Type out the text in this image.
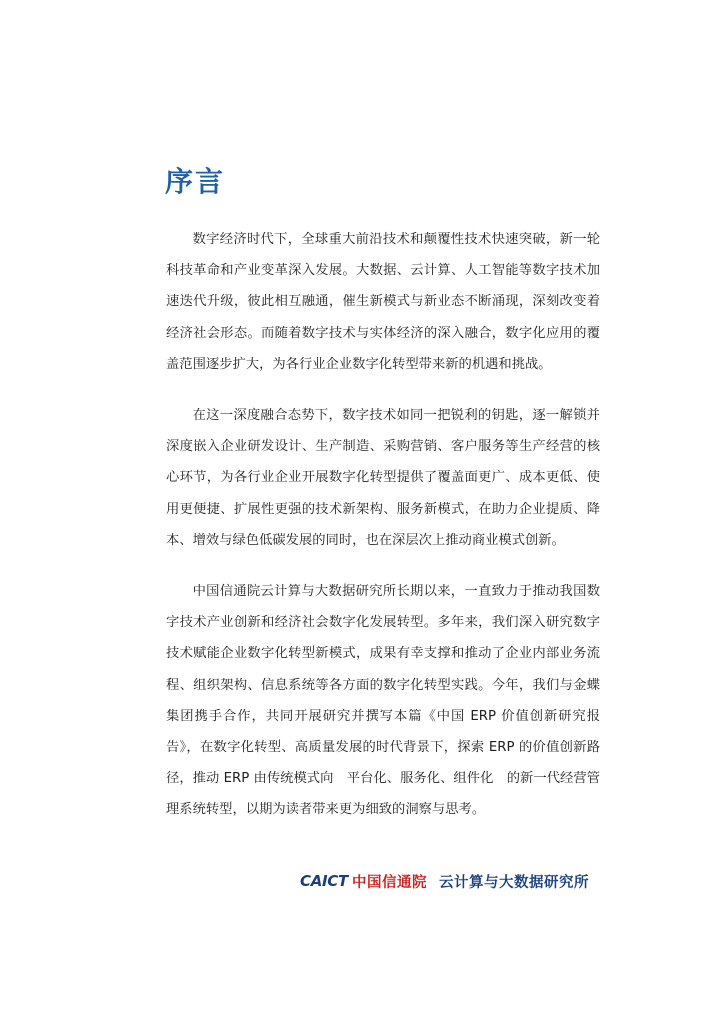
序言

数字经济时代下，全球重大前沿技术和颠覆性技术快速突破，新一轮科技革命和产业变革深入发展。大数据、云计算、人工智能等数字技术加速迭代升级，彼此相互融通，催生新模式与新业态不断涌现，深刻改变着经济社会形态。而随着数字技术与实体经济的深入融合，数字化应用的覆盖范围逐步扩大，为各行业企业数字化转型带来新的机遇和挑战。

在这一深度融合态势下，数字技术如同一把锐利的钥匙，逐一解锁并深度嵌入企业研发设计、生产制造、采购营销、客户服务等生产经营的核心环节，为各行业企业开展数字化转型提供了覆盖面更广、成本更低、使用更便捷、扩展性更强的技术新架构、服务新模式，在助力企业提质、降本、增效与绿色低碳发展的同时，也在深层次上推动商业模式创新。

中国信通院云计算与大数据研究所长期以来，一直致力于推动我国数字技术产业创新和经济社会数字化发展转型。多年来，我们深入研究数字技术赋能企业数字化转型新模式，成果有幸支撑和推动了企业内部业务流程、组织架构、信息系统等各方面的数字化转型实践。今年，我们与金蝶集团携手合作，共同开展研究并撰写本篇《中国 ERP 价值创新研究报告》，在数字化转型、高质量发展的时代背景下，探索 ERP 的价值创新路径，推动 ERP 由传统模式向　平台化、服务化、组件化　的新一代经营管理系统转型，以期为读者带来更为细致的洞察与思考。

CAICT 中国信通院 云计算与大数据研究所
